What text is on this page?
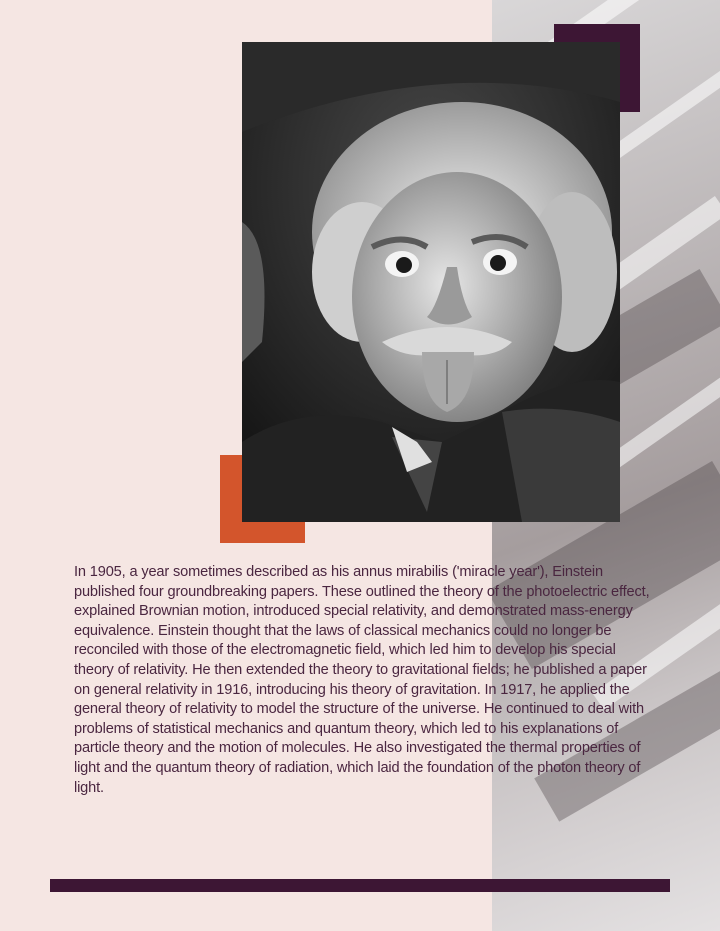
In 1905, a year sometimes described as his annus mirabilis ('miracle year'), Einstein published four groundbreaking papers. These outlined the theory of the photoelectric effect, explained Brownian motion, introduced special relativity, and demonstrated mass-energy equivalence. Einstein thought that the laws of classical mechanics could no longer be reconciled with those of the electromagnetic field, which led him to develop his special theory of relativity. He then extended the theory to gravitational fields; he published a paper on general relativity in 1916, introducing his theory of gravitation. In 1917, he applied the general theory of relativity to model the structure of the universe. He continued to deal with problems of statistical mechanics and quantum theory, which led to his explanations of particle theory and the motion of molecules. He also investigated the thermal properties of light and the quantum theory of radiation, which laid the foundation of the photon theory of light.
